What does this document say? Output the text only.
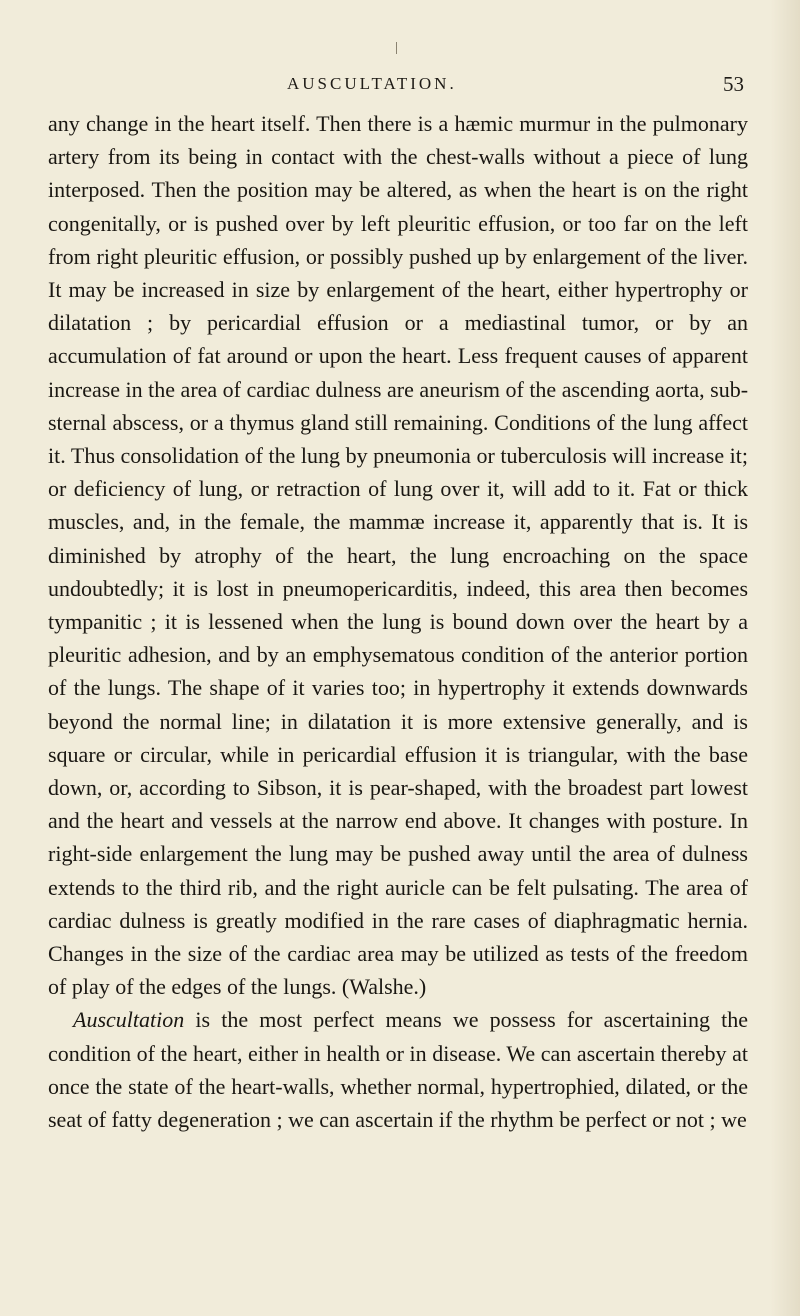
AUSCULTATION.	53

any change in the heart itself. Then there is a hæmic murmur in the pulmonary artery from its being in contact with the chest-walls without a piece of lung interposed. Then the position may be altered, as when the heart is on the right congenitally, or is pushed over by left pleuritic effusion, or too far on the left from right pleuritic effusion, or possibly pushed up by enlargement of the liver. It may be increased in size by enlargement of the heart, either hypertrophy or dilatation ; by pericardial effusion or a mediastinal tumor, or by an accumulation of fat around or upon the heart. Less frequent causes of apparent increase in the area of cardiac dulness are aneurism of the ascending aorta, sub-sternal abscess, or a thymus gland still remaining. Conditions of the lung affect it. Thus consolidation of the lung by pneumonia or tuberculosis will increase it; or deficiency of lung, or retraction of lung over it, will add to it. Fat or thick muscles, and, in the female, the mammæ increase it, apparently that is. It is diminished by atrophy of the heart, the lung encroaching on the space undoubtedly; it is lost in pneumopericarditis, indeed, this area then becomes tympanitic ; it is lessened when the lung is bound down over the heart by a pleuritic adhesion, and by an emphysematous condition of the anterior portion of the lungs. The shape of it varies too; in hypertrophy it extends downwards beyond the normal line; in dilatation it is more extensive generally, and is square or circular, while in pericardial effusion it is triangular, with the base down, or, according to Sibson, it is pear-shaped, with the broadest part lowest and the heart and vessels at the narrow end above. It changes with posture. In right-side enlargement the lung may be pushed away until the area of dulness extends to the third rib, and the right auricle can be felt pulsating. The area of cardiac dulness is greatly modified in the rare cases of diaphragmatic hernia. Changes in the size of the cardiac area may be utilized as tests of the freedom of play of the edges of the lungs. (Walshe.)

Auscultation is the most perfect means we possess for ascertaining the condition of the heart, either in health or in disease. We can ascertain thereby at once the state of the heart-walls, whether normal, hypertrophied, dilated, or the seat of fatty degeneration ; we can ascertain if the rhythm be perfect or not ; we
